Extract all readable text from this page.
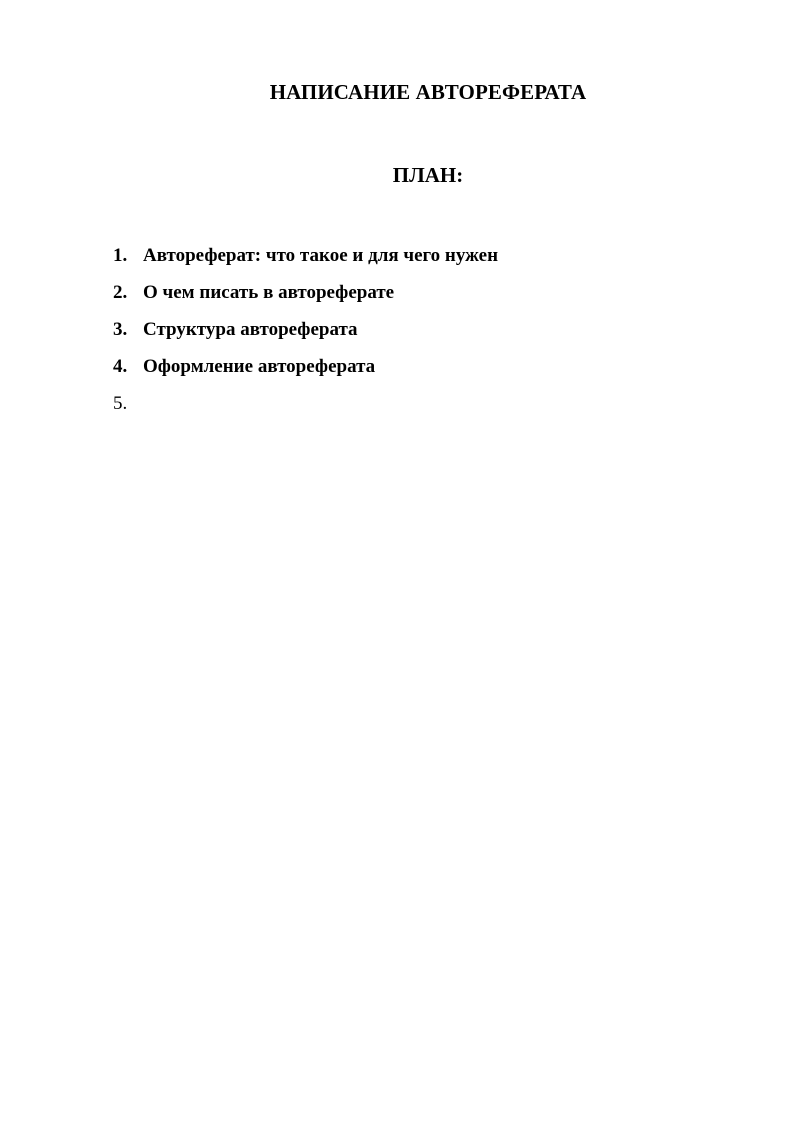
НАПИСАНИЕ АВТОРЕФЕРАТА
ПЛАН:
1. Автореферат: что такое и для чего нужен
2. О чем писать в автореферате
3. Структура автореферата
4. Оформление автореферата
5.
